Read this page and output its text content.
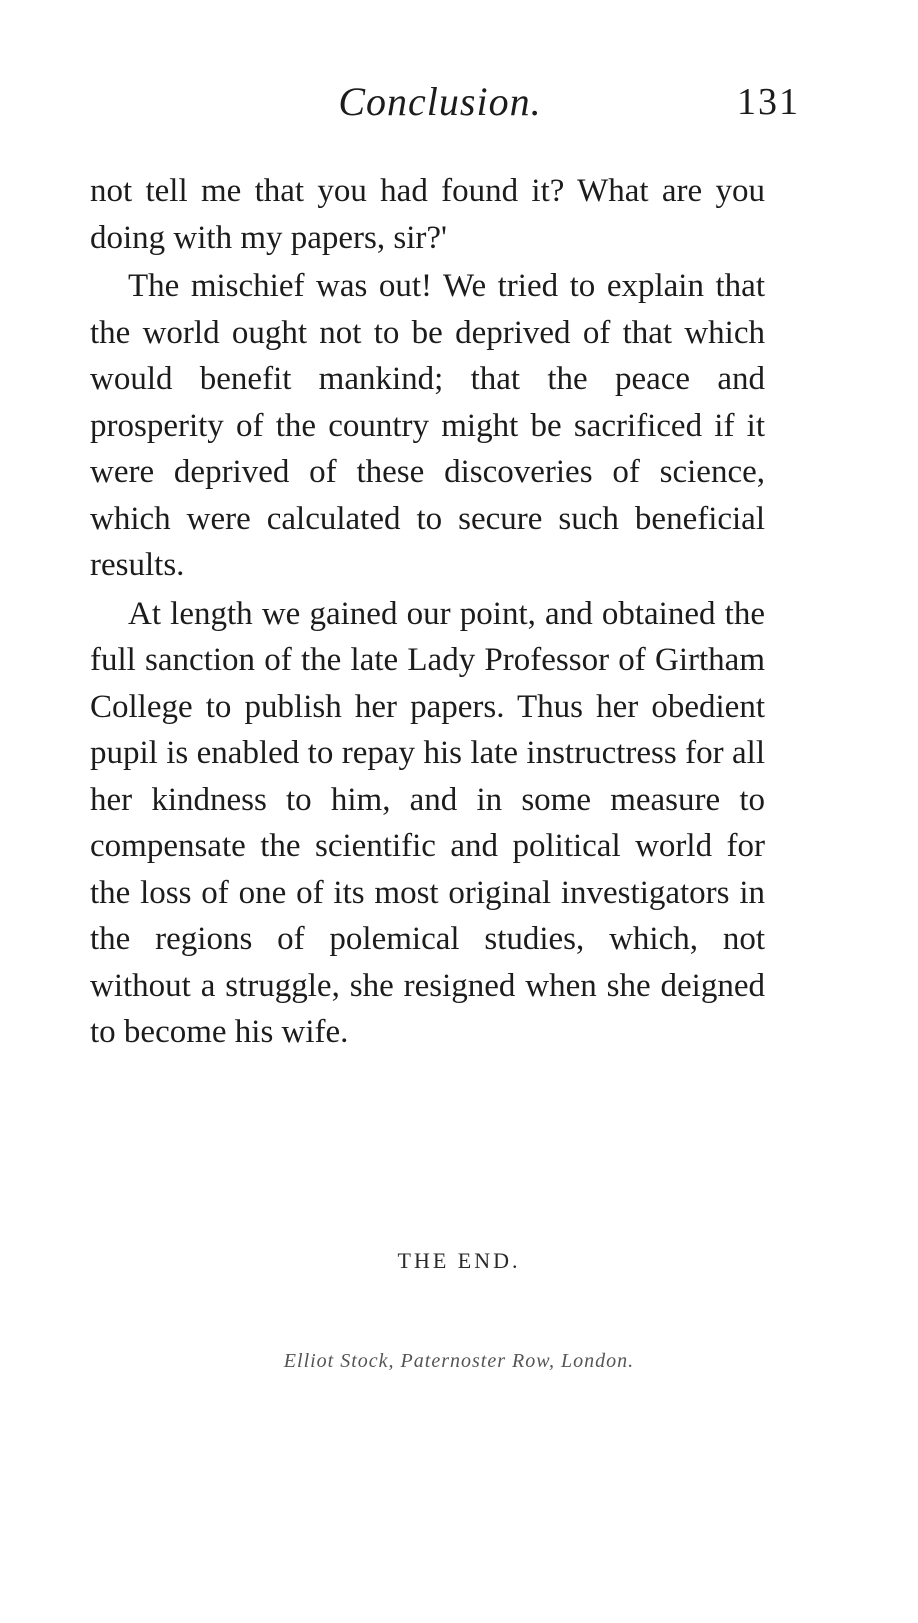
Conclusion.	131

not tell me that you had found it? What are you doing with my papers, sir?'

The mischief was out! We tried to explain that the world ought not to be deprived of that which would benefit mankind; that the peace and prosperity of the country might be sacrificed if it were deprived of these discoveries of science, which were calculated to secure such beneficial results.

At length we gained our point, and obtained the full sanction of the late Lady Professor of Girtham College to publish her papers. Thus her obedient pupil is enabled to repay his late instructress for all her kindness to him, and in some measure to compensate the scientific and political world for the loss of one of its most original investigators in the regions of polemical studies, which, not without a struggle, she resigned when she deigned to become his wife.

THE END.
Elliot Stock, Paternoster Row, London.
